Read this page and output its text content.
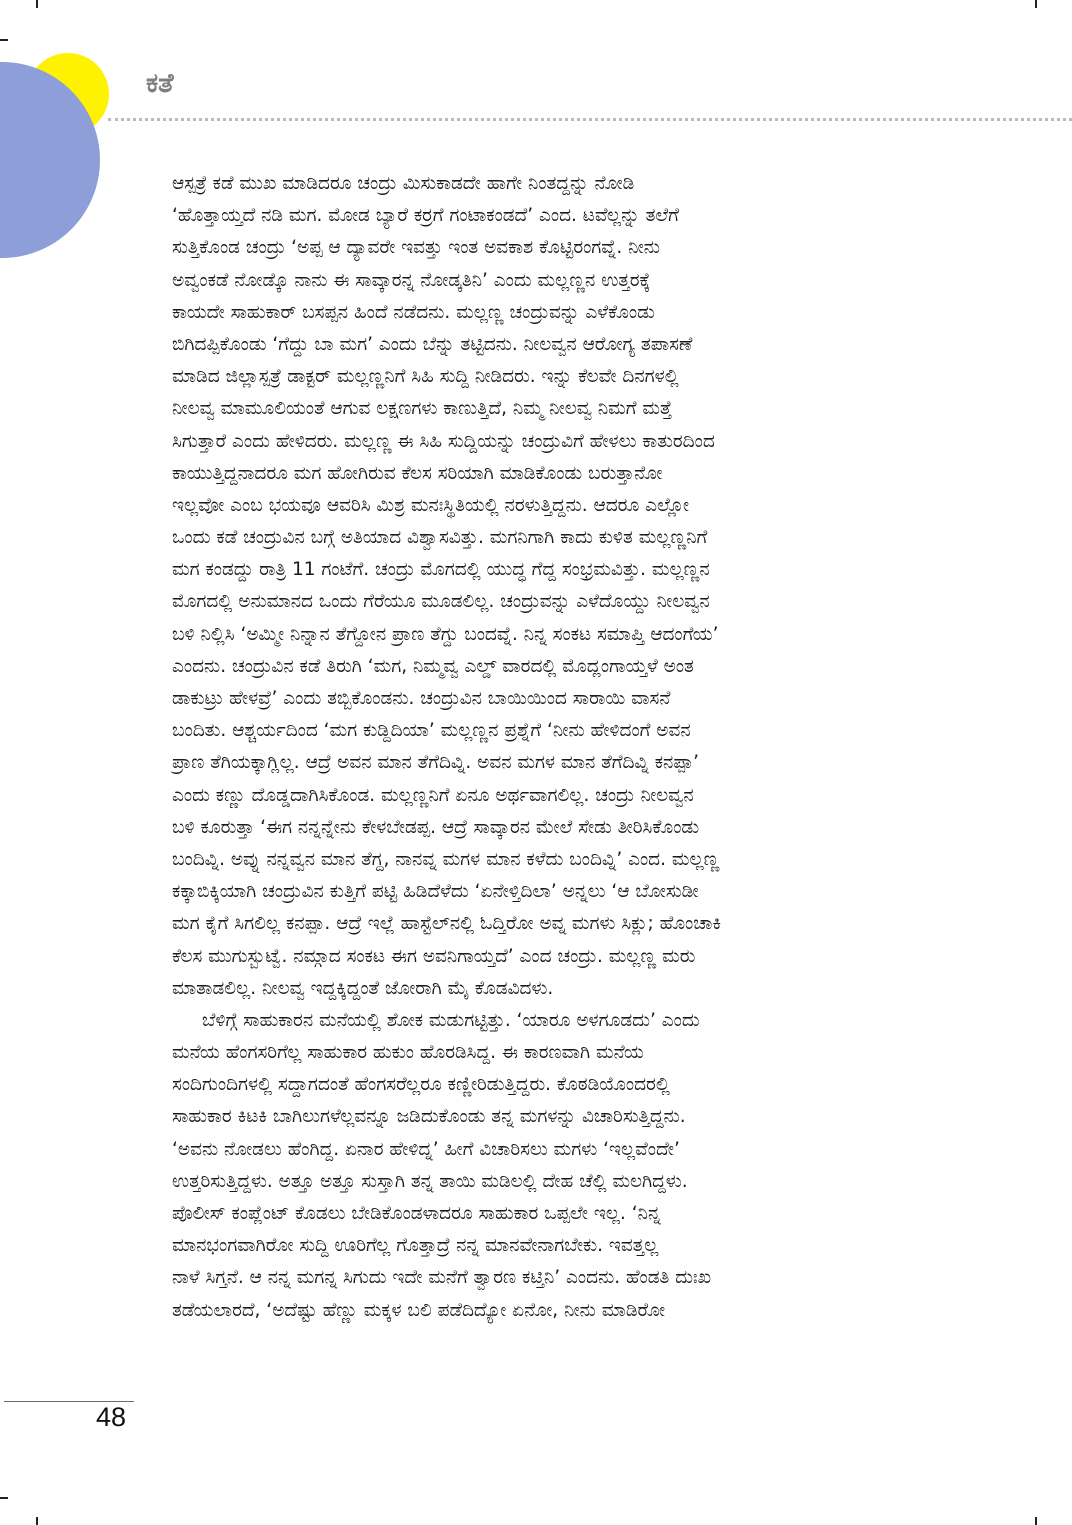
ಕತೆ

ಆಸ್ಪತ್ರೆ ಕಡೆ ಮುಖ ಮಾಡಿದರೂ ಚಂದ್ರು ಮಿಸುಕಾಡದೇ ಹಾಗೇ ನಿಂತದ್ದನ್ನು ನೋಡಿ
‘ಹೊತ್ತಾಯ್ತದೆ ನಡಿ ಮಗ. ಮೋಡ ಬ್ಯಾರೆ ಕರ್ರಗೆ ಗಂಟಾಕಂಡದೆ’ ಎಂದ. ಟವೆಲ್ಲನ್ನು ತಲೆಗೆ
ಸುತ್ತಿಕೊಂಡ ಚಂದ್ರು ‘ಅಪ್ಪ ಆ ದ್ಯಾವರೇ ಇವತ್ತು ಇಂತ ಅವಕಾಶ ಕೊಟ್ಟಿರಂಗವ್ನೆ. ನೀನು
ಅವ್ವಂಕಡೆ ನೋಡ್ಕೊ ನಾನು ಈ ಸಾವ್ಕಾರನ್ನ ನೋಡ್ಕತಿನಿ’ ಎಂದು ಮಲ್ಲಣ್ಣನ ಉತ್ತರಕ್ಕೆ
ಕಾಯದೇ ಸಾಹುಕಾರ್ ಬಸಪ್ಪನ ಹಿಂದೆ ನಡೆದನು. ಮಲ್ಲಣ್ಣ ಚಂದ್ರುವನ್ನು ಎಳೆಕೊಂಡು
ಬಿಗಿದಪ್ಪಿಕೊಂಡು ‘ಗೆದ್ದು ಬಾ ಮಗ’ ಎಂದು ಬೆನ್ನು ತಟ್ಟಿದನು. ನೀಲವ್ವನ ಆರೋಗ್ಯ ತಪಾಸಣೆ
ಮಾಡಿದ ಜಿಲ್ಲಾಸ್ಪತ್ರೆ ಡಾಕ್ಟರ್ ಮಲ್ಲಣ್ಣನಿಗೆ ಸಿಹಿ ಸುದ್ದಿ ನೀಡಿದರು. ಇನ್ನು ಕೆಲವೇ ದಿನಗಳಲ್ಲಿ
ನೀಲವ್ವ ಮಾಮೂಲಿಯಂತೆ ಆಗುವ ಲಕ್ಷಣಗಳು ಕಾಣುತ್ತಿದೆ, ನಿಮ್ಮ ನೀಲವ್ವ ನಿಮಗೆ ಮತ್ತೆ
ಸಿಗುತ್ತಾರೆ ಎಂದು ಹೇಳಿದರು. ಮಲ್ಲಣ್ಣ ಈ ಸಿಹಿ ಸುದ್ದಿಯನ್ನು ಚಂದ್ರುವಿಗೆ ಹೇಳಲು ಕಾತುರದಿಂದ
ಕಾಯುತ್ತಿದ್ದನಾದರೂ ಮಗ ಹೋಗಿರುವ ಕೆಲಸ ಸರಿಯಾಗಿ ಮಾಡಿಕೊಂಡು ಬರುತ್ತಾನೋ
ಇಲ್ಲವೋ ಎಂಬ ಭಯವೂ ಆವರಿಸಿ ಮಿಶ್ರ ಮನಃಸ್ಥಿತಿಯಲ್ಲಿ ನರಳುತ್ತಿದ್ದನು. ಆದರೂ ಎಲ್ಲೋ
ಒಂದು ಕಡೆ ಚಂದ್ರುವಿನ ಬಗ್ಗೆ ಅತಿಯಾದ ವಿಶ್ವಾಸವಿತ್ತು. ಮಗನಿಗಾಗಿ ಕಾದು ಕುಳಿತ ಮಲ್ಲಣ್ಣನಿಗೆ
ಮಗ ಕಂಡದ್ದು ರಾತ್ರಿ 11 ಗಂಟೆಗೆ. ಚಂದ್ರು ಮೊಗದಲ್ಲಿ ಯುದ್ಧ ಗೆದ್ದ ಸಂಭ್ರಮವಿತ್ತು. ಮಲ್ಲಣ್ಣನ
ಮೊಗದಲ್ಲಿ ಅನುಮಾನದ ಒಂದು ಗೆರೆಯೂ ಮೂಡಲಿಲ್ಲ. ಚಂದ್ರುವನ್ನು ಎಳೆದೊಯ್ದು ನೀಲವ್ವನ
ಬಳಿ ನಿಲ್ಲಿಸಿ ‘ಅಮ್ಮೀ ನಿನ್ನಾನ ತೆಗ್ದೋನ ಪ್ರಾಣ ತೆಗ್ದು ಬಂದವ್ನೆ. ನಿನ್ನ ಸಂಕಟ ಸಮಾಪ್ತಿ ಆದಂಗೆಯ’
ಎಂದನು. ಚಂದ್ರುವಿನ ಕಡೆ ತಿರುಗಿ ‘ಮಗ, ನಿಮ್ಮವ್ವ ಎಲ್ಡ್ ವಾರದಲ್ಲಿ ಮೊದ್ಲಂಗಾಯ್ತಳೆ ಅಂತ
ಡಾಕುಟ್ರು ಹೇಳವ್ರೆ’ ಎಂದು ತಬ್ಬಿಕೊಂಡನು. ಚಂದ್ರುವಿನ ಬಾಯಿಯಿಂದ ಸಾರಾಯಿ ವಾಸನೆ
ಬಂದಿತು. ಆಶ್ಚರ್ಯದಿಂದ ‘ಮಗ ಕುಡ್ದಿದಿಯಾ’ ಮಲ್ಲಣ್ಣನ ಪ್ರಶ್ನೆಗೆ ‘ನೀನು ಹೇಳಿದಂಗೆ ಅವನ
ಪ್ರಾಣ ತೆಗಿಯಕ್ಕಾಗ್ಲಿಲ್ಲ. ಆದ್ರೆ ಅವನ ಮಾನ ತೆಗೆದಿವ್ನಿ. ಅವನ ಮಗಳ ಮಾನ ತೆಗೆದಿವ್ನಿ ಕನಪ್ಪಾ’
ಎಂದು ಕಣ್ಣು ದೊಡ್ಡದಾಗಿಸಿಕೊಂಡ. ಮಲ್ಲಣ್ಣನಿಗೆ ಏನೂ ಅರ್ಥವಾಗಲಿಲ್ಲ. ಚಂದ್ರು ನೀಲವ್ವನ
ಬಳಿ ಕೂರುತ್ತಾ ‘ಈಗ ನನ್ನನ್ನೇನು ಕೇಳಬೇಡಪ್ಪ. ಆದ್ರೆ ಸಾವ್ಕಾರನ ಮೇಲೆ ಸೇಡು ತೀರಿಸಿಕೊಂಡು
ಬಂದಿವ್ನಿ. ಅವ್ನು ನನ್ನವ್ವನ ಮಾನ ತೆಗ್ದ, ನಾನವ್ನ ಮಗಳ ಮಾನ ಕಳೆದು ಬಂದಿವ್ನಿ’ ಎಂದ. ಮಲ್ಲಣ್ಣ
ಕಕ್ಕಾಬಿಕ್ಕಿಯಾಗಿ ಚಂದ್ರುವಿನ ಕುತ್ತಿಗೆ ಪಟ್ಟಿ ಹಿಡಿದೆಳೆದು ‘ಏನೇಳ್ತಿದಿಲಾ’ ಅನ್ನಲು ‘ಆ ಬೋಸುಡೀ
ಮಗ ಕೈಗೆ ಸಿಗಲಿಲ್ಲ ಕನಪ್ಪಾ. ಆದ್ರೆ ಇಲ್ಲೆ ಹಾಸ್ಟೆಲ್‌ನಲ್ಲಿ ಓದ್ತಿರೋ ಅವ್ನ ಮಗಳು ಸಿಕ್ಲು; ಹೊಂಚಾಕಿ
ಕೆಲಸ ಮುಗುಸ್ಬುಟ್ವೆ. ನಮ್ಗಾದ ಸಂಕಟ ಈಗ ಅವನಿಗಾಯ್ತದೆ’ ಎಂದ ಚಂದ್ರು. ಮಲ್ಲಣ್ಣ ಮರು
ಮಾತಾಡಲಿಲ್ಲ. ನೀಲವ್ವ ಇದ್ದಕ್ಕಿದ್ದಂತೆ ಜೋರಾಗಿ ಮೈ ಕೊಡವಿದಳು.

ಬೆಳಿಗ್ಗೆ ಸಾಹುಕಾರನ ಮನೆಯಲ್ಲಿ ಶೋಕ ಮಡುಗಟ್ಟಿತ್ತು. ‘ಯಾರೂ ಅಳಗೂಡದು’ ಎಂದು
ಮನೆಯ ಹೆಂಗಸರಿಗೆಲ್ಲ ಸಾಹುಕಾರ ಹುಕುಂ ಹೊರಡಿಸಿದ್ದ. ಈ ಕಾರಣವಾಗಿ ಮನೆಯ
ಸಂದಿಗುಂದಿಗಳಲ್ಲಿ ಸದ್ದಾಗದಂತೆ ಹೆಂಗಸರೆಲ್ಲರೂ ಕಣ್ಣೀರಿಡುತ್ತಿದ್ದರು. ಕೊಠಡಿಯೊಂದರಲ್ಲಿ
ಸಾಹುಕಾರ ಕಿಟಕಿ ಬಾಗಿಲುಗಳೆಲ್ಲವನ್ನೂ ಜಡಿದುಕೊಂಡು ತನ್ನ ಮಗಳನ್ನು ವಿಚಾರಿಸುತ್ತಿದ್ದನು.
‘ಅವನು ನೋಡಲು ಹೆಂಗಿದ್ದ. ಏನಾರ ಹೇಳಿದ್ನ’ ಹೀಗೆ ವಿಚಾರಿಸಲು ಮಗಳು ‘ಇಲ್ಲವೆಂದೇ’
ಉತ್ತರಿಸುತ್ತಿದ್ದಳು. ಅತ್ತೂ ಅತ್ತೂ ಸುಸ್ತಾಗಿ ತನ್ನ ತಾಯಿ ಮಡಿಲಲ್ಲಿ ದೇಹ ಚೆಲ್ಲಿ ಮಲಗಿದ್ದಳು.
ಪೊಲೀಸ್ ಕಂಪ್ಲೆಂಟ್ ಕೊಡಲು ಬೇಡಿಕೊಂಡಳಾದರೂ ಸಾಹುಕಾರ ಒಪ್ಪಲೇ ಇಲ್ಲ. ‘ನಿನ್ನ
ಮಾನಭಂಗವಾಗಿರೋ ಸುದ್ದಿ ಊರಿಗೆಲ್ಲ ಗೊತ್ತಾದ್ರೆ ನನ್ನ ಮಾನವೇನಾಗಬೇಕು. ಇವತ್ತಲ್ಲ
ನಾಳೆ ಸಿಗ್ತನೆ. ಆ ನನ್ನ ಮಗನ್ನ ಸಿಗುದು ಇದೇ ಮನೆಗೆ ತ್ವಾರಣ ಕಟ್ತಿನಿ’ ಎಂದನು. ಹೆಂಡತಿ ದುಃಖ
ತಡೆಯಲಾರದೆ, ‘ಅದೆಷ್ಟು ಹೆಣ್ಣು ಮಕ್ಕಳ ಬಲಿ ಪಡೆದಿದ್ಯೋ ಏನೋ, ನೀನು ಮಾಡಿರೋ

48
